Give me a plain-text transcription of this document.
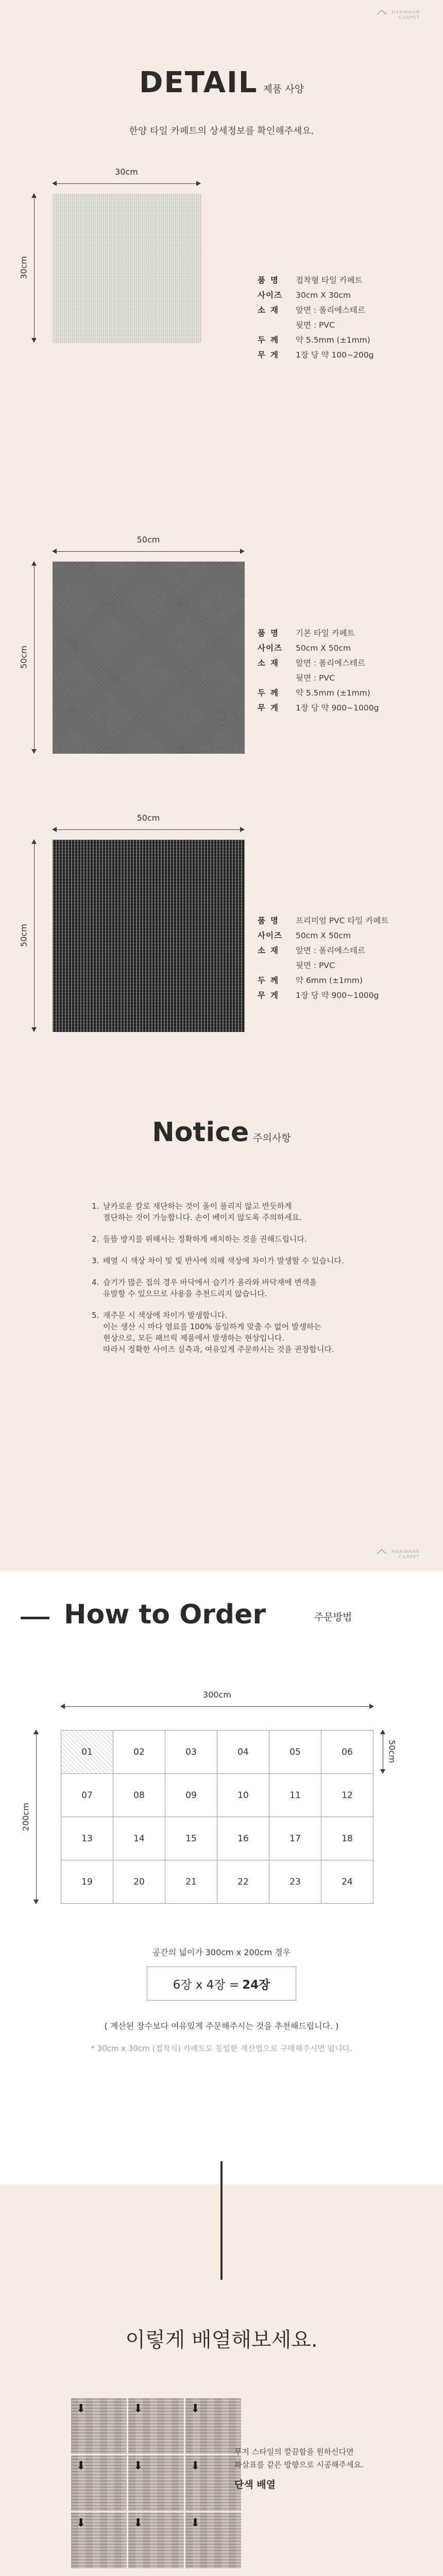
HANWHAB
CARPET
DETAIL 제품 사양
한양 타일 카페트의 상세정보를 확인해주세요.
30cm
30cm
품명	접착형 타일 카페트
사이즈	30cm X 30cm
소재	앞면 : 폴리에스테르
뒷면 : PVC
두께	약 5.5mm (±1mm)
무게	1장 당 약 100~200g
50cm
50cm
품명	기본 타일 카페트
사이즈	50cm X 50cm
소재	앞면 : 폴리에스테르
뒷면 : PVC
두께	약 5.5mm (±1mm)
무게	1장 당 약 900~1000g
50cm
50cm
품명	프리미엄 PVC 타일 카페트
사이즈	50cm X 50cm
소재	앞면 : 폴리에스테르
뒷면 : PVC
두께	약 6mm (±1mm)
무게	1장 당 약 900~1000g
Notice 주의사항
1. 날카로운 칼로 재단하는 것이 올이 풀리지 않고 반듯하게
절단하는 것이 가능합니다. 손이 베이지 않도록 주의하세요.
2. 들뜸 방지를 위해서는 정확하게 배치하는 것을 권해드립니다.
3. 배열 시 색상 차이 및 빛 반사에 의해 색상에 차이가 발생할 수 있습니다.
4. 습기가 많은 집의 경우 바닥에서 습기가 올라와 바닥재에 변색을
유발할 수 있으므로 사용을 추천드리지 않습니다.
5. 재주문 시 색상에 차이가 발생합니다.
이는 생산 시 마다 염료를 100% 동일하게 맞출 수 없어 발생하는
현상으로, 모든 패브릭 제품에서 발생하는 현상입니다.
따라서 정확한 사이즈 실측과, 여유있게 주문하시는 것을 권장합니다.
HANWHAB
CARPET
How to Order	주문방법
300cm
200cm
50cm
01	02	03	04	05	06
07	08	09	10	11	12
13	14	15	16	17	18
19	20	21	22	23	24
공간의 넓이가 300cm x 200cm 경우
6장 x 4장 = 24장
( 계산된 장수보다 여유있게 주문해주시는 것을 추천해드립니다. )
* 30cm x 30cm (접착식) 카페트도 동일한 계산법으로 구매해주시면 됩니다.
이렇게 배열해보세요.
⬇	⬇	⬇
⬇	⬇	⬇
⬇	⬇	⬇
무지 스타일의 깔끔함을 원하신다면
화살표를 같은 방향으로 시공해주세요.
단색 배열
